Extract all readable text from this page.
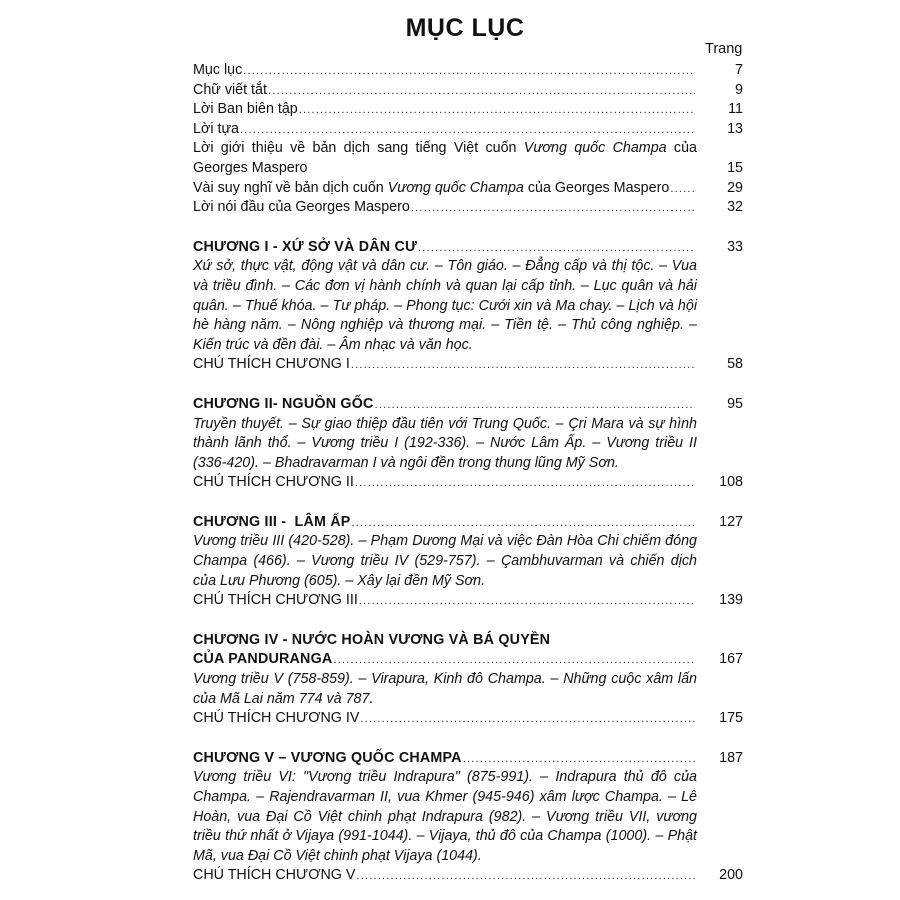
MỤC LỤC
Trang
Mục lục .....	7
Chữ viết tắt .....	9
Lời Ban biên tập .....	11
Lời tựa .....	13

Lời giới thiệu về bản dịch sang tiếng Việt cuốn Vương quốc Champa của Georges Maspero	15
Vài suy nghĩ về bản dịch cuốn Vương quốc Champa của Georges Maspero .....	29
Lời nói đầu của Georges Maspero .....	32
CHƯƠNG I - XỨ SỞ VÀ DÂN CƯ .....	33

Xứ sở, thực vật, động vật và dân cư. – Tôn giáo. – Đẳng cấp và thị tộc. – Vua và triều đình. – Các đơn vị hành chính và quan lại cấp tỉnh. – Lục quân và hải quân. – Thuế khóa. – Tư pháp. – Phong tục: Cưới xin và Ma chay. – Lịch và hội hè hàng năm. – Nông nghiệp và thương mại. – Tiền tệ. – Thủ công nghiệp. – Kiến trúc và đền đài. – Âm nhạc và văn học.

CHÚ THÍCH CHƯƠNG I .....	58
CHƯƠNG II- NGUỒN GỐC .....	95

Truyền thuyết. – Sự giao thiệp đầu tiên với Trung Quốc. – Çri Mara và sự hình thành lãnh thổ. – Vương triều I (192-336). – Nước Lâm Ấp. – Vương triều II (336-420). – Bhadravarman I và ngôi đền trong thung lũng Mỹ Sơn.

CHÚ THÍCH CHƯƠNG II .....	108
CHƯƠNG III -  LÂM ẤP .....	127

Vương triều III (420-528). – Phạm Dương Mại và việc Đàn Hòa Chi chiếm đóng Champa (466). – Vương triều IV (529-757). – Çambhuvarman và chiến dịch của Lưu Phương (605). – Xây lại đền Mỹ Sơn.

CHÚ THÍCH CHƯƠNG III .....	139
CHƯƠNG IV - NƯỚC HOÀN VƯƠNG VÀ BÁ QUYỀN
CỦA PANDURANGA .....	167

Vương triều V (758-859). – Virapura, Kinh đô Champa. – Những cuộc xâm lấn của Mã Lai năm 774 và 787.

CHÚ THÍCH CHƯƠNG IV .....	175
CHƯƠNG V – VƯƠNG QUỐC CHAMPA .....	187

Vương triều VI: "Vương triều Indrapura" (875-991). – Indrapura thủ đô của Champa. – Rajendravarman II, vua Khmer (945-946) xâm lược Champa. – Lê Hoàn, vua Đại Cồ Việt chinh phạt Indrapura (982). – Vương triều VII, vương triều thứ nhất ở Vijaya (991-1044). – Vijaya, thủ đô của Champa (1000). – Phật Mã, vua Đại Cồ Việt chinh phạt Vijaya (1044).

CHÚ THÍCH CHƯƠNG V .....	200
